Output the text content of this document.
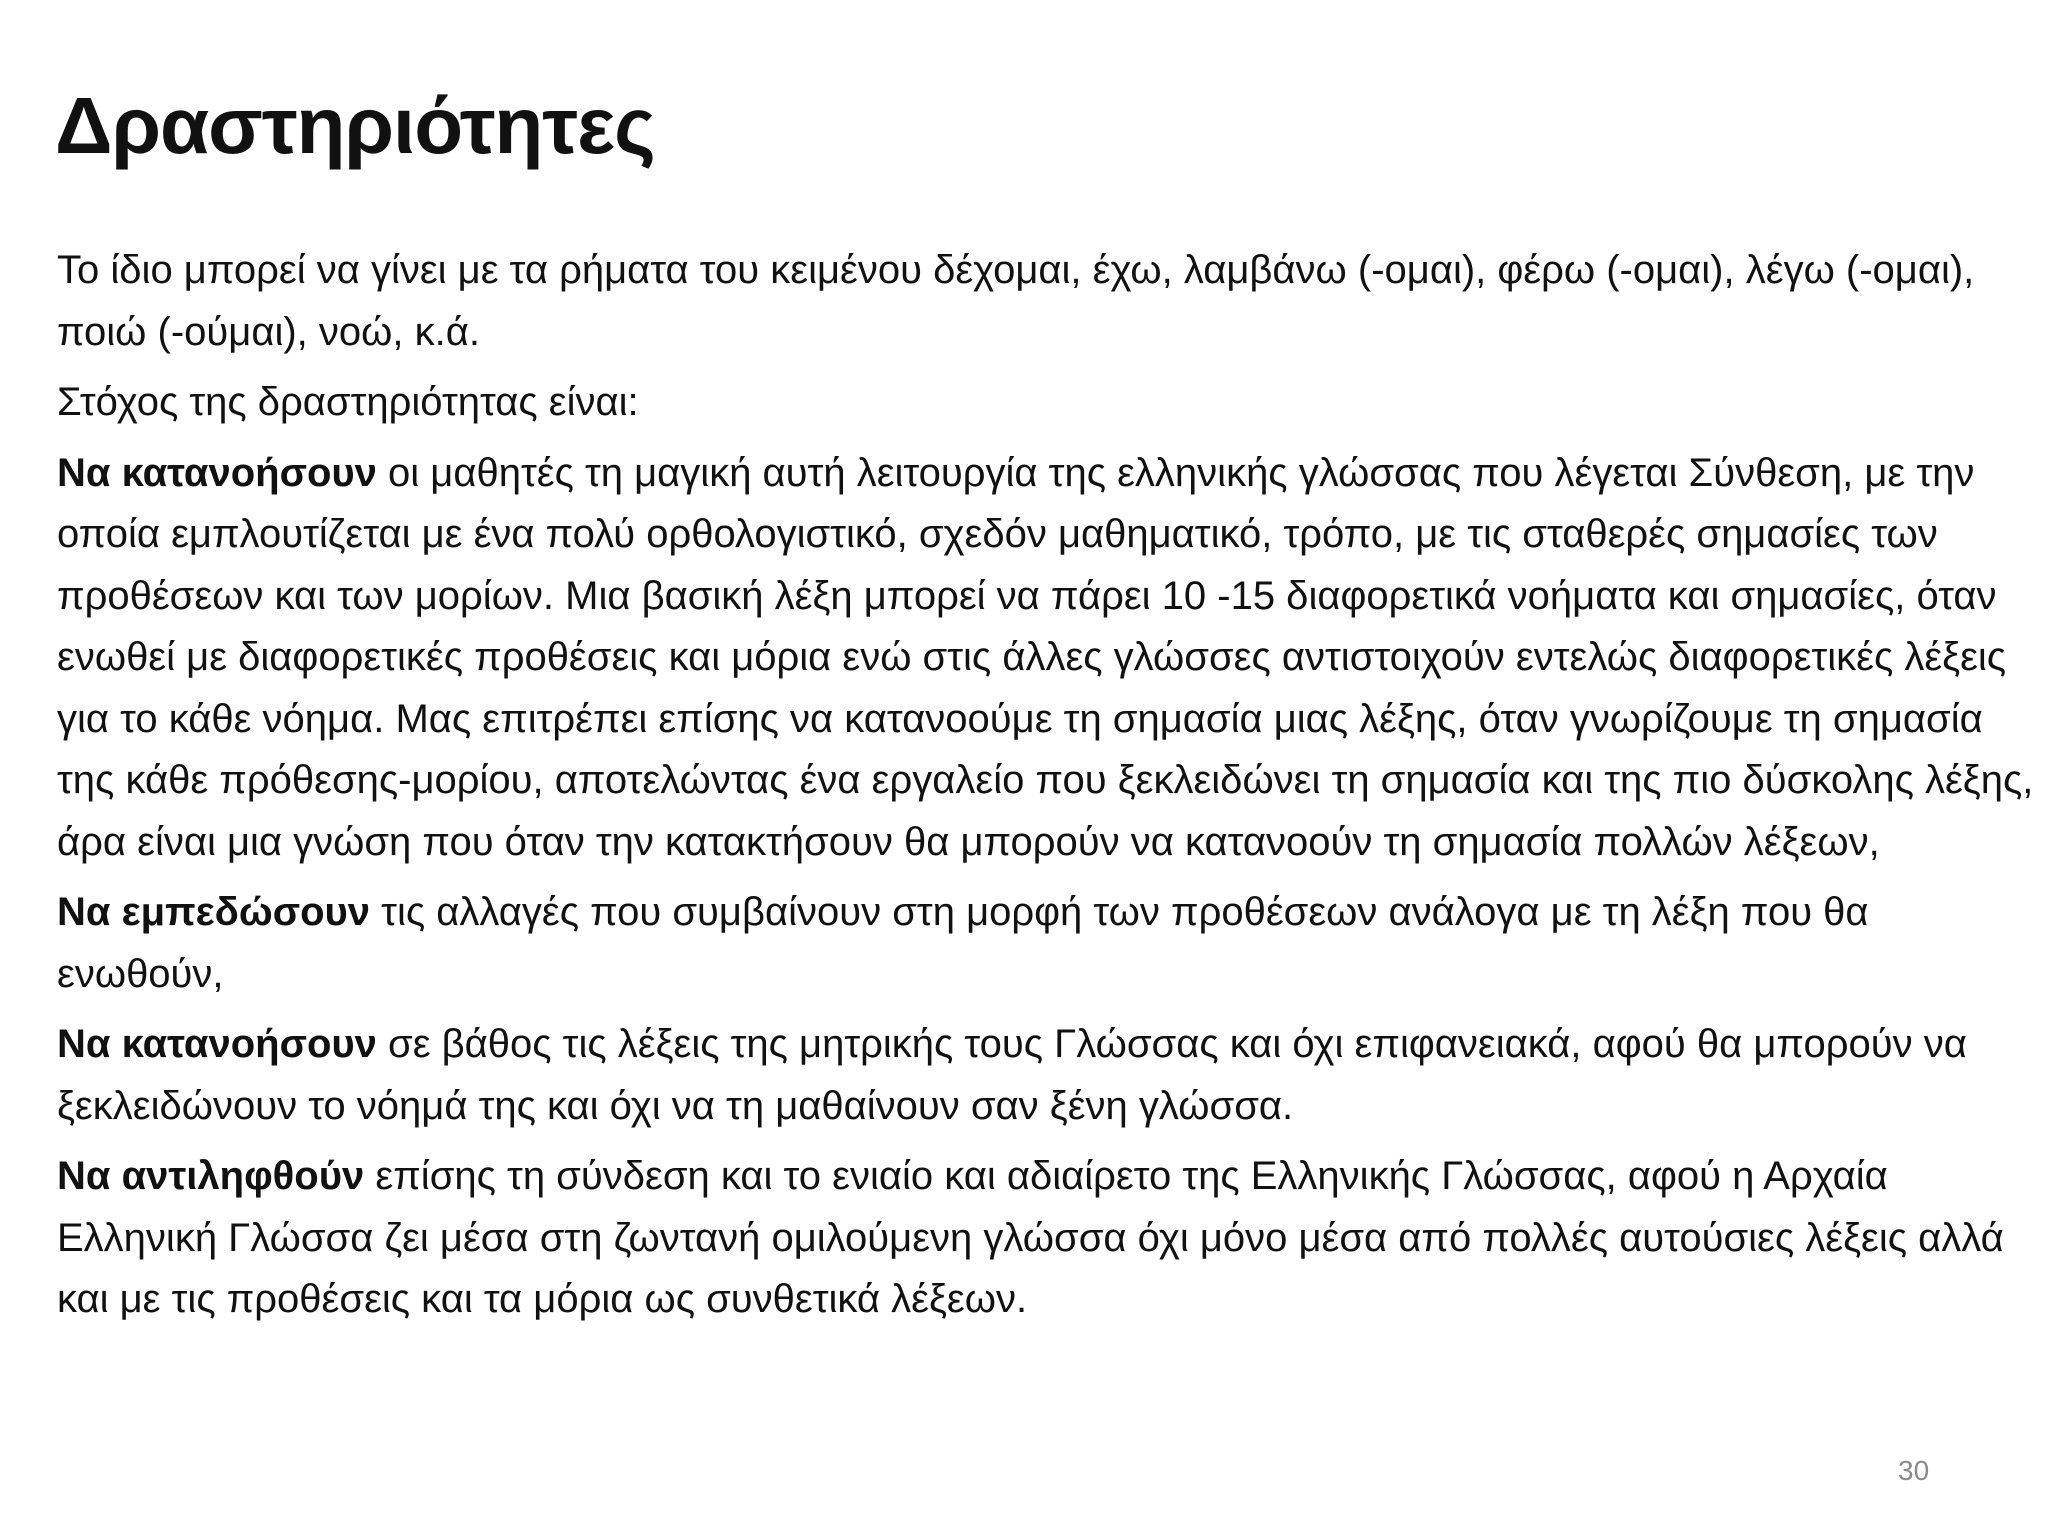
Δραστηριότητες

Το ίδιο μπορεί να γίνει με τα ρήματα του κειμένου δέχομαι, έχω, λαμβάνω (-ομαι), φέρω (-ομαι), λέγω (-ομαι), ποιώ (-ούμαι), νοώ, κ.ά.

Στόχος της δραστηριότητας είναι:

Να κατανοήσουν οι μαθητές τη μαγική αυτή λειτουργία της ελληνικής γλώσσας που λέγεται Σύνθεση, με την οποία εμπλουτίζεται με ένα πολύ ορθολογιστικό, σχεδόν μαθηματικό, τρόπο, με τις σταθερές σημασίες των προθέσεων και των μορίων. Μια βασική λέξη μπορεί να πάρει 10 -15 διαφορετικά νοήματα και σημασίες, όταν ενωθεί με διαφορετικές προθέσεις και μόρια ενώ στις άλλες γλώσσες αντιστοιχούν εντελώς διαφορετικές λέξεις για το κάθε νόημα. Μας επιτρέπει επίσης να κατανοούμε τη σημασία μιας λέξης, όταν γνωρίζουμε τη σημασία της κάθε πρόθεσης-μορίου, αποτελώντας ένα εργαλείο που ξεκλειδώνει τη σημασία και της πιο δύσκολης λέξης, άρα είναι μια γνώση που όταν την κατακτήσουν θα μπορούν να κατανοούν τη σημασία πολλών λέξεων,

Να εμπεδώσουν τις αλλαγές που συμβαίνουν στη μορφή των προθέσεων ανάλογα με τη λέξη που θα ενωθούν,

Να κατανοήσουν σε βάθος τις λέξεις της μητρικής τους Γλώσσας και όχι επιφανειακά, αφού θα μπορούν να ξεκλειδώνουν το νόημά της και όχι να τη μαθαίνουν σαν ξένη γλώσσα.

Να αντιληφθούν επίσης τη σύνδεση και το ενιαίο και αδιαίρετο της Ελληνικής Γλώσσας, αφού η Αρχαία Ελληνική Γλώσσα ζει μέσα στη ζωντανή ομιλούμενη γλώσσα όχι μόνο μέσα από πολλές αυτούσιες λέξεις αλλά και με τις προθέσεις και τα μόρια ως συνθετικά λέξεων.

30
